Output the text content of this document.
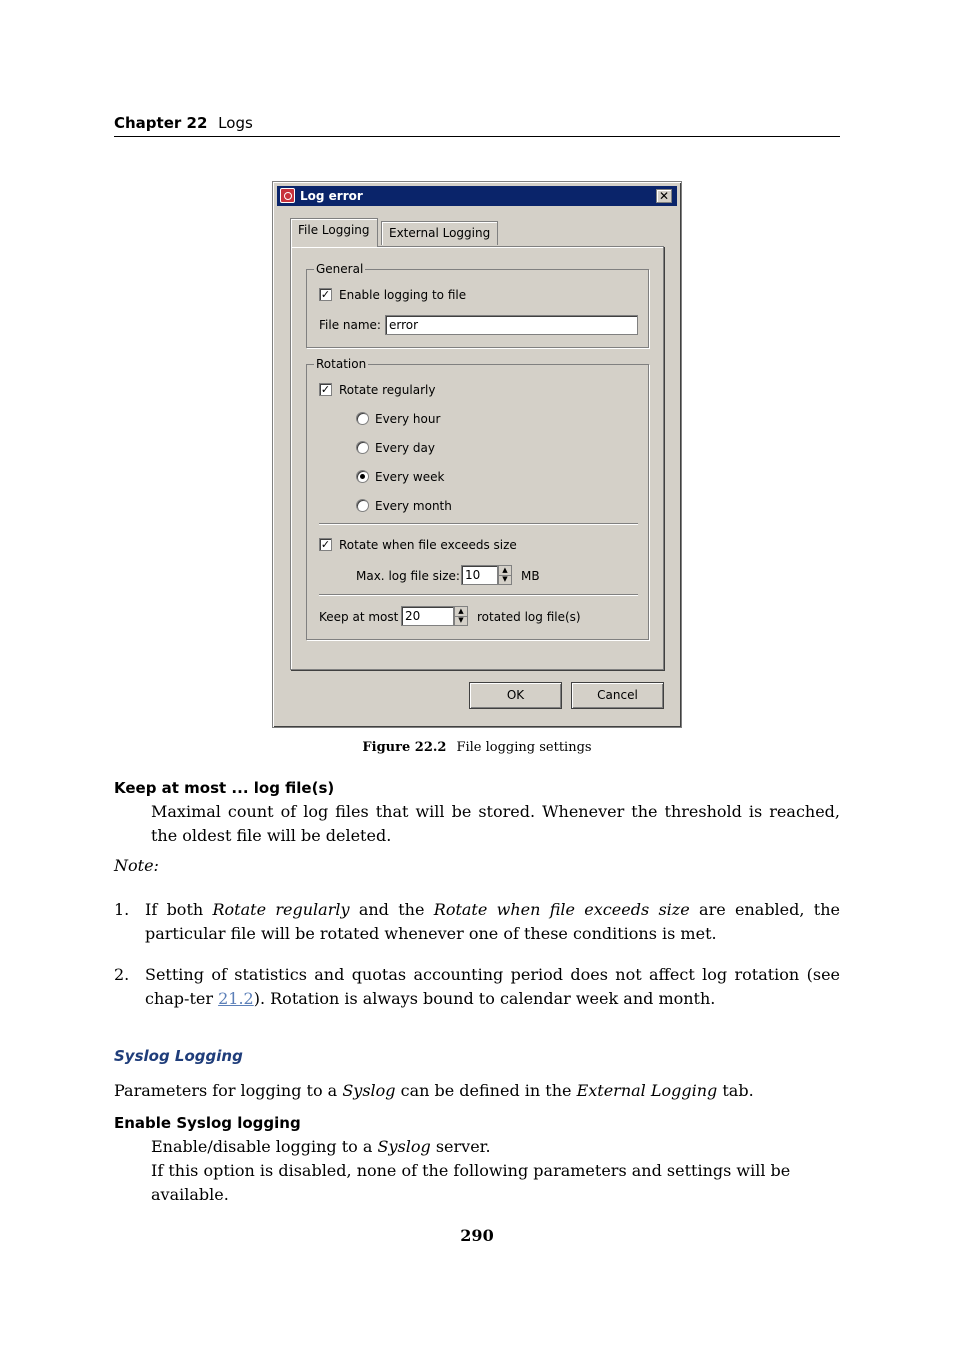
Chapter 22 Logs
Log error	✕
File Logging	External Logging
General
✓ Enable logging to file
File name: error
Rotation
✓ Rotate regularly
Every hour
Every day
Every week
Every month
✓ Rotate when file exceeds size
Max. log file size: 10	▲
▼ MB
Keep at most 20	▲
▼ rotated log file(s)
OK	Cancel
Figure 22.2 File logging settings
Keep at most ... log file(s)
Maximal count of log files that will be stored. Whenever the threshold is reached, the oldest file will be deleted.
Note:
1. If both Rotate regularly and the Rotate when file exceeds size are enabled, the particular file will be rotated whenever one of these conditions is met.
2. Setting of statistics and quotas accounting period does not affect log rotation (see chap-ter 21.2). Rotation is always bound to calendar week and month.
Syslog Logging
Parameters for logging to a Syslog can be defined in the External Logging tab.
Enable Syslog logging
Enable/disable logging to a Syslog server.
If this option is disabled, none of the following parameters and settings will be available.
290
